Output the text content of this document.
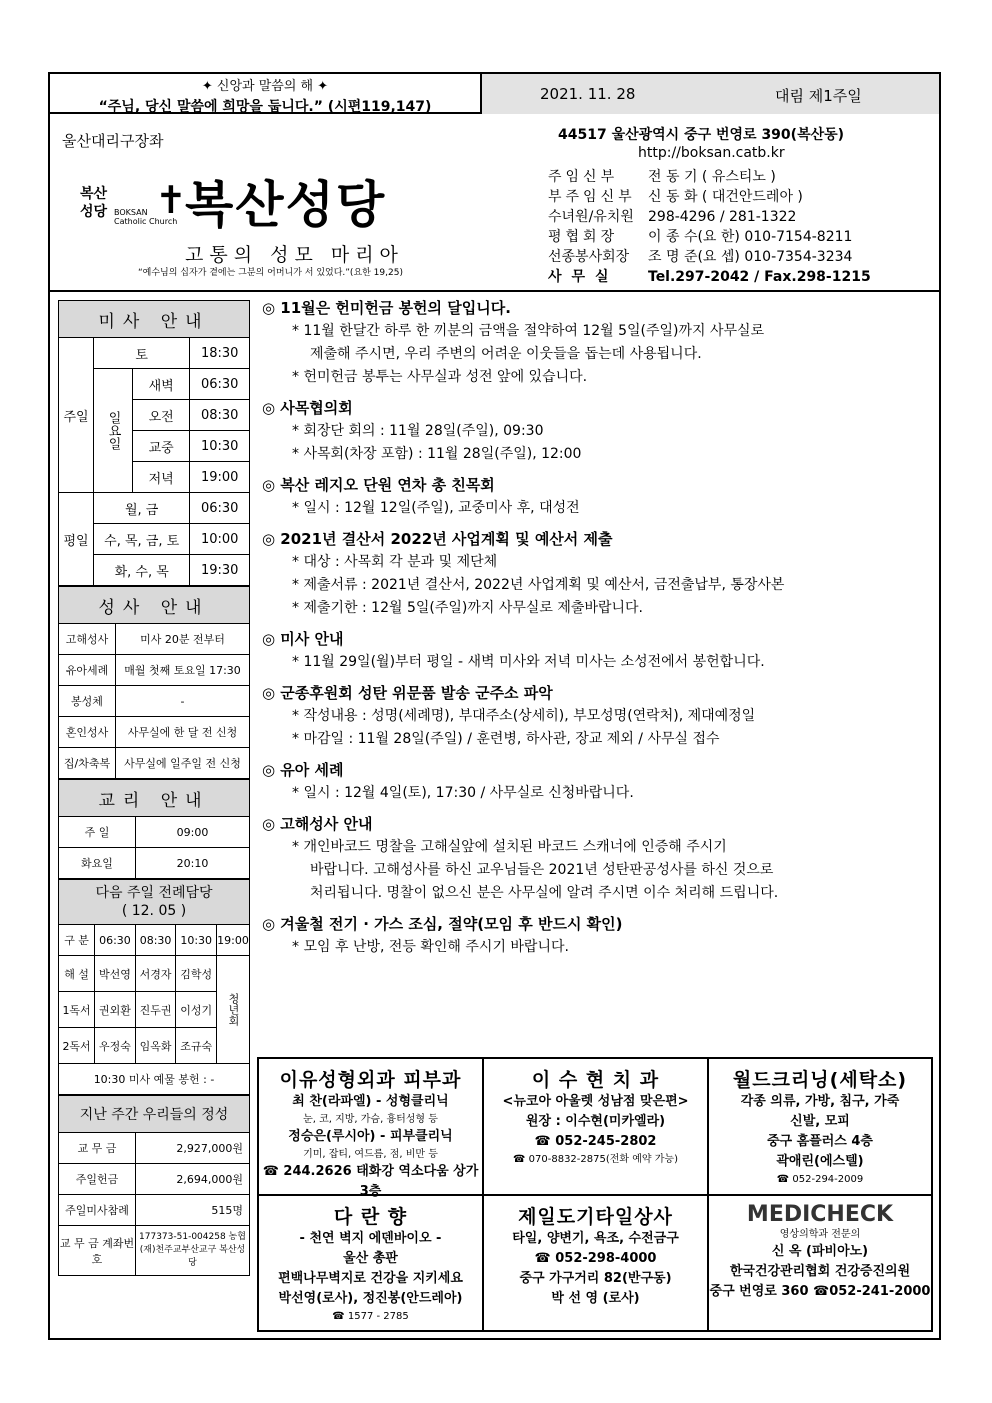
✦ 신앙과 말씀의 해 ✦
“주님, 당신 말씀에 희망을 둡니다.” (시편119,147)
2021. 11. 28	대림 제1주일
울산대리구장좌
복산
성당 BOKSAN
Catholic Church
✝
복산성당
고통의 성모 마리아
“예수님의 십자가 곁에는 그분의 어머니가 서 있었다.”(요한 19,25)
44517 울산광역시 중구 번영로 390(복산동)
http://boksan.catb.kr
주임신부 전 동 기 ( 유스티노 )
부주임신부 신 동 화 ( 대건안드레아 )
수녀원/유치원 298-4296 / 281-1322
평협회장 이 종 수(요 한) 010-7154-8211
선종봉사회장 조 명 준(요 셉) 010-7354-3234
사무실 Tel.297-2042 / Fax.298-1215
미사 안내			
주일	토		18:30
	일요일	새벽	06:30
		오전	08:30
		교중	10:30
		저녁	19:00
평일	월, 금		06:30
	수, 목, 금, 토		10:00
	화, 수, 목		19:30
성사 안내	
고해성사	미사 20분 전부터
유아세례	매월 첫째 토요일 17:30
봉성체	-
혼인성사	사무실에 한 달 전 신청
집/차축복	사무실에 일주일 전 신청
교리 안내	
주 일	09:00
화요일	20:10
다음 주일 전례담당
( 12. 05 )				

구 분	06:30	08:30	10:30	19:00
해 설	박선영	서경자	김학성	청년회
1독서	권외환	진두권	이성기	
2독서	우정숙	임옥화	조규숙	
10:30 미사 예물 봉헌 : -				
지난 주간 우리들의 정성	
교 무 금	2,927,000원
주일헌금	2,694,000원
주일미사참례	515명
교 무 금 계좌번호	177373-51-004258 농협 (재)천주교부산교구 복산성당
◎ 11월은 헌미헌금 봉헌의 달입니다.
* 11월 한달간 하루 한 끼분의 금액을 절약하여 12월 5일(주일)까지 사무실로
제출해 주시면, 우리 주변의 어려운 이웃들을 돕는데 사용됩니다.
* 헌미헌금 봉투는 사무실과 성전 앞에 있습니다.
◎ 사목협의회
* 회장단 회의 : 11월 28일(주일), 09:30
* 사목회(차장 포함) : 11월 28일(주일), 12:00
◎ 복산 레지오 단원 연차 총 친목회
* 일시 : 12월 12일(주일), 교중미사 후, 대성전
◎ 2021년 결산서 2022년 사업계획 및 예산서 제출
* 대상 : 사목회 각 분과 및 제단체
* 제출서류 : 2021년 결산서, 2022년 사업계획 및 예산서, 금전출납부, 통장사본
* 제출기한 : 12월 5일(주일)까지 사무실로 제출바랍니다.
◎ 미사 안내
* 11월 29일(월)부터 평일 - 새벽 미사와 저녁 미사는 소성전에서 봉헌합니다.
◎ 군종후원회 성탄 위문품 발송 군주소 파악
* 작성내용 : 성명(세례명), 부대주소(상세히), 부모성명(연락처), 제대예정일
* 마감일 : 11월 28일(주일) / 훈련병, 하사관, 장교 제외 / 사무실 접수
◎ 유아 세례
* 일시 : 12월 4일(토), 17:30 / 사무실로 신청바랍니다.
◎ 고해성사 안내
* 개인바코드 명찰을 고해실앞에 설치된 바코드 스캐너에 인증해 주시기
바랍니다. 고해성사를 하신 교우님들은 2021년 성탄판공성사를 하신 것으로
처리됩니다. 명찰이 없으신 분은 사무실에 알려 주시면 이수 처리해 드립니다.
◎ 겨울철 전기 · 가스 조심, 절약(모임 후 반드시 확인)
* 모임 후 난방, 전등 확인해 주시기 바랍니다.
이유성형외과 피부과
최 찬(라파엘) - 성형클리닉
눈, 코, 지방, 가슴, 흉터성형 등
정승은(루시아) - 피부클리닉
기미, 잡티, 여드름, 점, 비만 등
☎ 244.2626 태화강 역소다움 상가3층
이 수 현 치 과
<뉴코아 아울렛 성남점 맞은편>
원장 : 이수현(미카엘라)
☎ 052-245-2802
☎ 070-8832-2875(전화 예약 가능)
월드크리닝(세탁소)
각종 의류, 가방, 침구, 가죽
신발, 모피
중구 홈플러스 4층
곽애린(에스텔)
☎ 052-294-2009
다 란 향
- 천연 벽지 에덴바이오 -
울산 총판
편백나무벽지로 건강을 지키세요
박선영(로사), 정진봉(안드레아)
☎ 1577 - 2785
제일도기타일상사
타일, 양변기, 욕조, 수전금구
☎ 052-298-4000
중구 가구거리 82(반구동)
박 선 영 (로사)
MEDICHECK
영상의학과 전문의
신 옥 (파비아노)
한국건강관리협회 건강증진의원
중구 번영로 360 ☎052-241-2000
